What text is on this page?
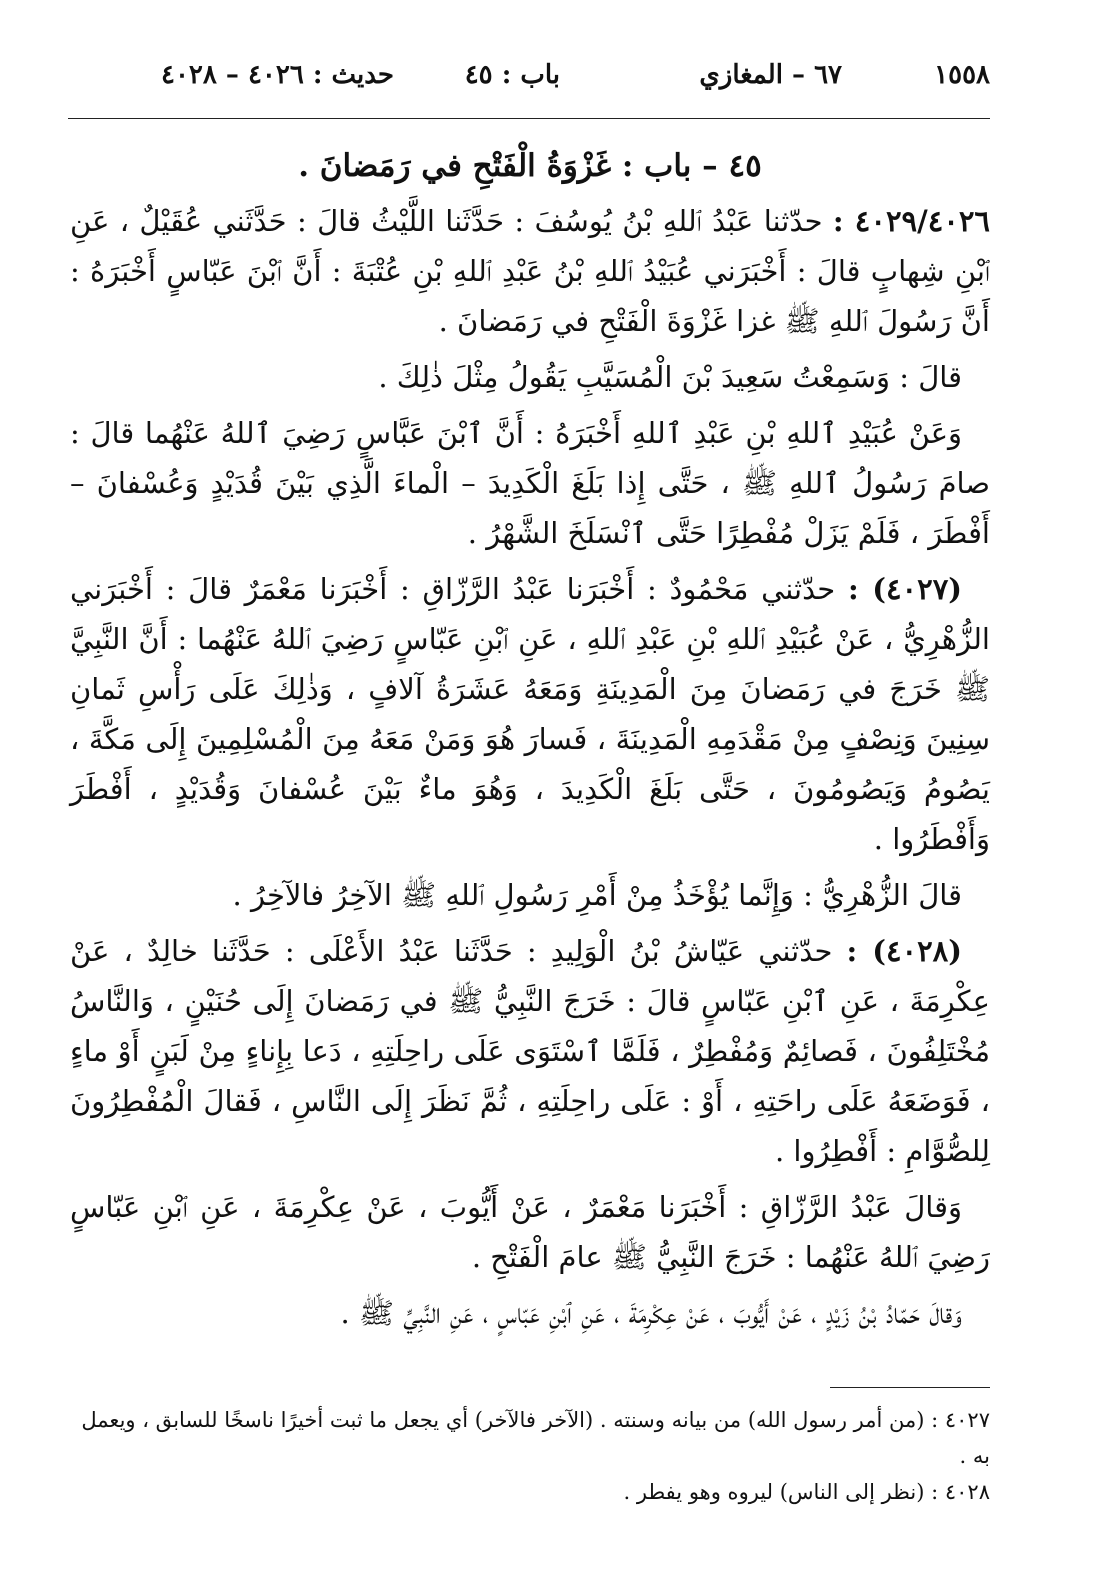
١٥٥٨
٦٧ – المغازي
باب : ٤٥
حديث : ٤٠٢٦ – ٤٠٢٨
٤٥ – باب : غَزْوَةُ الْفَتْحِ في رَمَضانَ .

٤٠٢٩/٤٠٢٦ : حدّثنا عَبْدُ ٱللهِ بْنُ يُوسُفَ : حَدَّثَنا اللَّيْثُ قالَ : حَدَّثَني عُقَيْلٌ ، عَنِ ٱبْنِ شِهابٍ قالَ : أَخْبَرَني عُبَيْدُ ٱللهِ بْنُ عَبْدِ ٱللهِ بْنِ عُتْبَةَ : أَنَّ ٱبْنَ عَبّاسٍ أَخْبَرَهُ : أَنَّ رَسُولَ ٱللهِ ﷺ غزا غَزْوَةَ الْفَتْحِ في رَمَضانَ .

قالَ : وَسَمِعْتُ سَعِيدَ بْنَ الْمُسَيَّبِ يَقُولُ مِثْلَ ذٰلِكَ .

وَعَنْ عُبَيْدِ ٱللهِ بْنِ عَبْدِ ٱللهِ أَخْبَرَهُ : أَنَّ ٱبْنَ عَبَّاسٍ رَضِيَ ٱللهُ عَنْهُما قالَ : صامَ رَسُولُ ٱللهِ ﷺ ، حَتَّى إِذا بَلَغَ الْكَدِيدَ – الْماءَ الَّذِي بَيْنَ قُدَيْدٍ وَعُسْفانَ – أَفْطَرَ ، فَلَمْ يَزَلْ مُفْطِرًا حَتَّى ٱنْسَلَخَ الشَّهْرُ .

(٤٠٢٧) : حدّثني مَحْمُودٌ : أَخْبَرَنا عَبْدُ الرَّزّاقِ : أَخْبَرَنا مَعْمَرٌ قالَ : أَخْبَرَني الزُّهْرِيُّ ، عَنْ عُبَيْدِ ٱللهِ بْنِ عَبْدِ ٱللهِ ، عَنِ ٱبْنِ عَبّاسٍ رَضِيَ ٱللهُ عَنْهُما : أَنَّ النَّبِيَّ ﷺ خَرَجَ في رَمَضانَ مِنَ الْمَدِينَةِ وَمَعَهُ عَشَرَةُ آلافٍ ، وَذٰلِكَ عَلَى رَأْسِ ثَمانِ سِنِينَ وَنِصْفٍ مِنْ مَقْدَمِهِ الْمَدِينَةَ ، فَسارَ هُوَ وَمَنْ مَعَهُ مِنَ الْمُسْلِمِينَ إِلَى مَكَّةَ ، يَصُومُ وَيَصُومُونَ ، حَتَّى بَلَغَ الْكَدِيدَ ، وَهُوَ ماءٌ بَيْنَ عُسْفانَ وَقُدَيْدٍ ، أَفْطَرَ وَأَفْطَرُوا .

قالَ الزُّهْرِيُّ : وَإِنَّما يُؤْخَذُ مِنْ أَمْرِ رَسُولِ ٱللهِ ﷺ الآخِرُ فالآخِرُ .

(٤٠٢٨) : حدّثني عَيّاشُ بْنُ الْوَلِيدِ : حَدَّثَنا عَبْدُ الأَعْلَى : حَدَّثَنا خالِدٌ ، عَنْ عِكْرِمَةَ ، عَنِ ٱبْنِ عَبّاسٍ قالَ : خَرَجَ النَّبِيُّ ﷺ في رَمَضانَ إِلَى حُنَيْنٍ ، وَالنَّاسُ مُخْتَلِفُونَ ، فَصائِمٌ وَمُفْطِرٌ ، فَلَمَّا ٱسْتَوَى عَلَى راحِلَتِهِ ، دَعا بِإِناءٍ مِنْ لَبَنٍ أَوْ ماءٍ ، فَوَضَعَهُ عَلَى راحَتِهِ ، أَوْ : عَلَى راحِلَتِهِ ، ثُمَّ نَظَرَ إِلَى النَّاسِ ، فَقالَ الْمُفْطِرُونَ لِلصُّوَّامِ : أَفْطِرُوا .

وَقالَ عَبْدُ الرَّزّاقِ : أَخْبَرَنا مَعْمَرٌ ، عَنْ أَيُّوبَ ، عَنْ عِكْرِمَةَ ، عَنِ ٱبْنِ عَبّاسٍ رَضِيَ ٱللهُ عَنْهُما : خَرَجَ النَّبِيُّ ﷺ عامَ الْفَتْحِ .

وَقالَ حَمّادُ بْنُ زَيْدٍ ، عَنْ أَيُّوبَ ، عَنْ عِكْرِمَةَ ، عَنِ ٱبْنِ عَبّاسٍ ، عَنِ النَّبِيِّ ﷺ .

٤٠٢٧ : (من أمر رسول الله) من بيانه وسنته . (الآخر فالآخر) أي يجعل ما ثبت أخيرًا ناسخًا للسابق ، ويعمل به .

٤٠٢٨ : (نظر إلى الناس) ليروه وهو يفطر .
